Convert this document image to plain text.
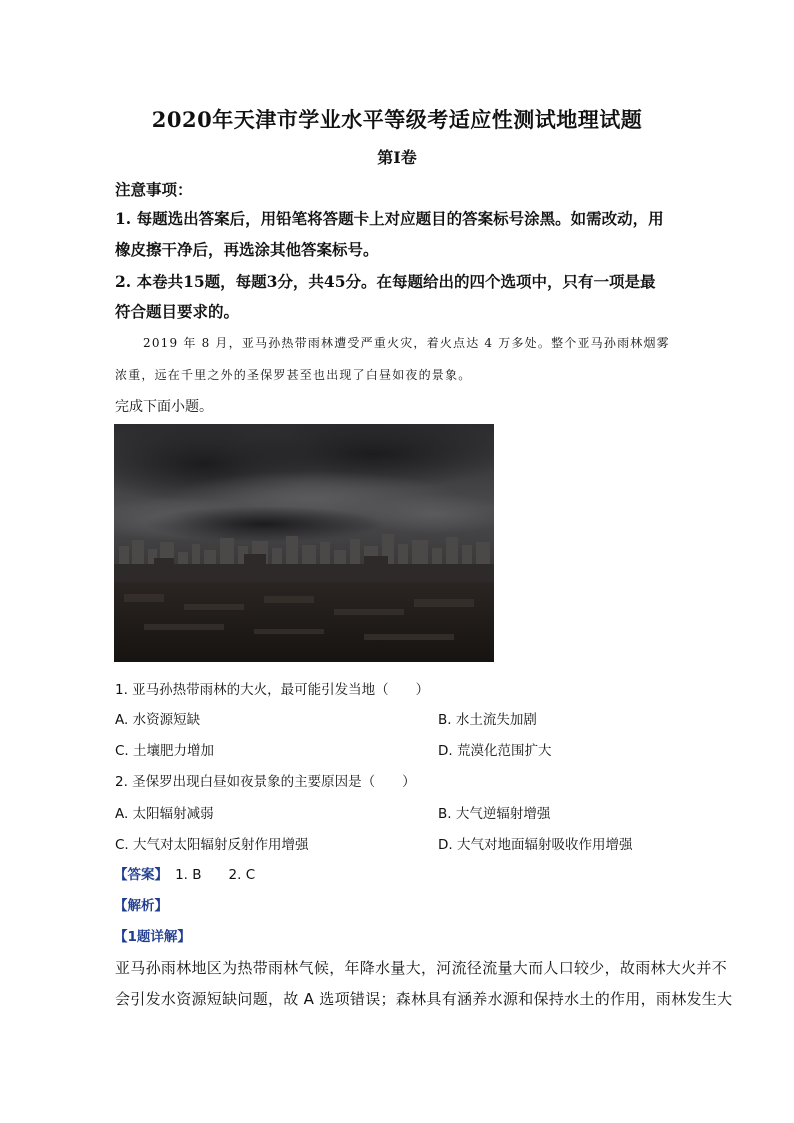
2020年天津市学业水平等级考适应性测试地理试题
第I卷
注意事项：
1. 每题选出答案后，用铅笔将答题卡上对应题目的答案标号涂黑。如需改动，用
橡皮擦干净后，再选涂其他答案标号。
2. 本卷共15题，每题3分，共45分。在每题给出的四个选项中，只有一项是最
符合题目要求的。
2019 年 8 月，亚马孙热带雨林遭受严重火灾，着火点达 4 万多处。整个亚马孙雨林烟雾
浓重，远在千里之外的圣保罗甚至也出现了白昼如夜的景象。
完成下面小题。
1. 亚马孙热带雨林的大火，最可能引发当地（　　）
A. 水资源短缺	B. 水土流失加剧
C. 土壤肥力增加	D. 荒漠化范围扩大
2. 圣保罗出现白昼如夜景象的主要原因是（　　）
A. 太阳辐射减弱	B. 大气逆辐射增强
C. 大气对太阳辐射反射作用增强	D. 大气对地面辐射吸收作用增强
【答案】 1. B　　2. C
【解析】
【1题详解】
亚马孙雨林地区为热带雨林气候，年降水量大，河流径流量大而人口较少，故雨林大火并不
会引发水资源短缺问题，故 A 选项错误；森林具有涵养水源和保持水土的作用，雨林发生大
